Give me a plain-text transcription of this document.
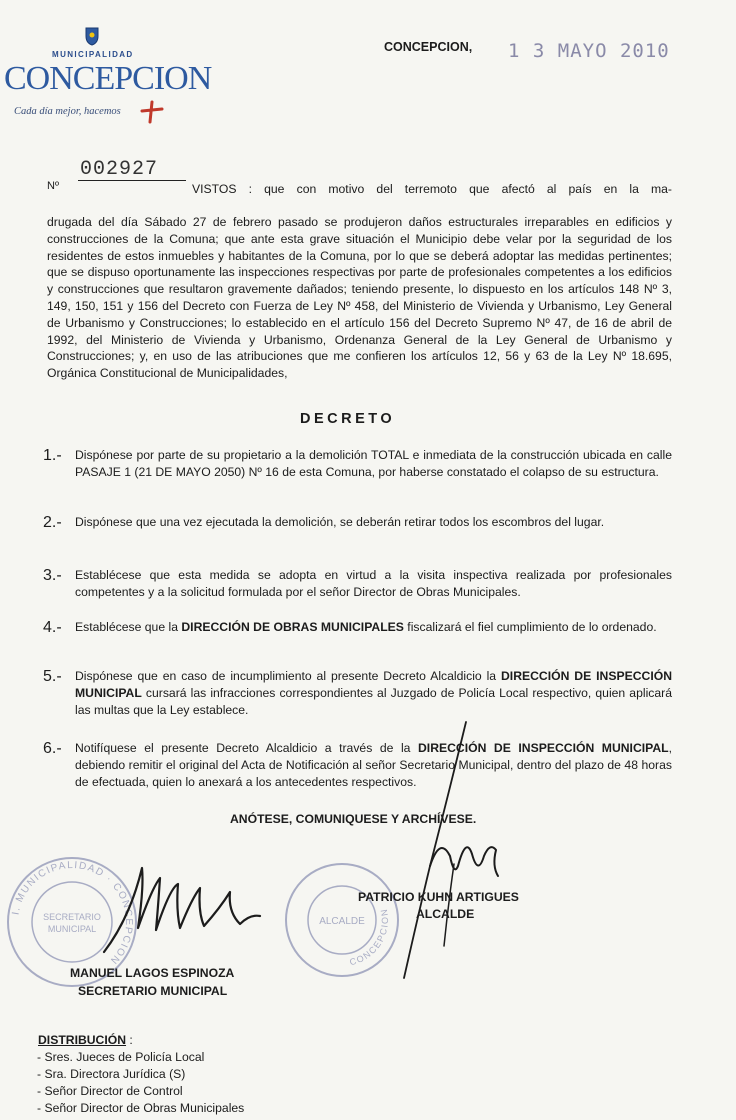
MUNICIPALIDAD
CONCEPCION
Cada día mejor, hacemos
CONCEPCION, 1 3 MAYO 2010
Nº
002927
VISTOS : que con motivo del terremoto que afectó al país en la ma-
drugada del día Sábado 27 de febrero pasado se produjeron daños estructurales irreparables en edificios y construcciones de la Comuna; que ante esta grave situación el Municipio debe velar por la seguridad de los residentes de estos inmuebles y habitantes de la Comuna, por lo que se deberá adoptar las medidas pertinentes; que se dispuso oportunamente las inspecciones respectivas por parte de profesionales competentes a los edificios y construcciones que resultaron gravemente dañados; teniendo presente, lo dispuesto en los artículos 148 Nº 3, 149, 150, 151 y 156 del Decreto con Fuerza de Ley Nº 458, del Ministerio de Vivienda y Urbanismo, Ley General de Urbanismo y Construcciones; lo establecido en el artículo 156 del Decreto Supremo Nº 47, de 16 de abril de 1992, del Ministerio de Vivienda y Urbanismo, Ordenanza General de la Ley General de Urbanismo y Construcciones; y, en uso de las atribuciones que me confieren los artículos 12, 56 y 63 de la Ley Nº 18.695, Orgánica Constitucional de Municipalidades,
DECRETO
1.- Dispónese por parte de su propietario a la demolición TOTAL e inmediata de la construcción ubicada en calle PASAJE 1 (21 DE MAYO 2050) Nº 16 de esta Comuna, por haberse constatado el colapso de su estructura.
2.- Dispónese que una vez ejecutada la demolición, se deberán retirar todos los escombros del lugar.
3.- Establécese que esta medida se adopta en virtud a la visita inspectiva realizada por profesionales competentes y a la solicitud formulada por el señor Director de Obras Municipales.
4.- Establécese que la DIRECCIÓN DE OBRAS MUNICIPALES fiscalizará el fiel cumplimiento de lo ordenado.
5.- Dispónese que en caso de incumplimiento al presente Decreto Alcaldicio la DIRECCIÓN DE INSPECCIÓN MUNICIPAL cursará las infracciones correspondientes al Juzgado de Policía Local respectivo, quien aplicará las multas que la Ley establece.
6.- Notifíquese el presente Decreto Alcaldicio a través de la DIRECCIÓN DE INSPECCIÓN MUNICIPAL, debiendo remitir el original del Acta de Notificación al señor Secretario Municipal, dentro del plazo de 48 horas de efectuada, quien lo anexará a los antecedentes respectivos.
ANÓTESE, COMUNIQUESE Y ARCHÍVESE.
I. MUNICIPALIDAD · CONCEPCION
SECRETARIO
MUNICIPAL
ALCALDE
CONCEPCION
PATRICIO KUHN ARTIGUES
ALCALDE
MANUEL LAGOS ESPINOZA
SECRETARIO MUNICIPAL
DISTRIBUCIÓN :
- Sres. Jueces de Policía Local
- Sra. Directora Jurídica (S)
- Señor Director de Control
- Señor Director de Obras Municipales
